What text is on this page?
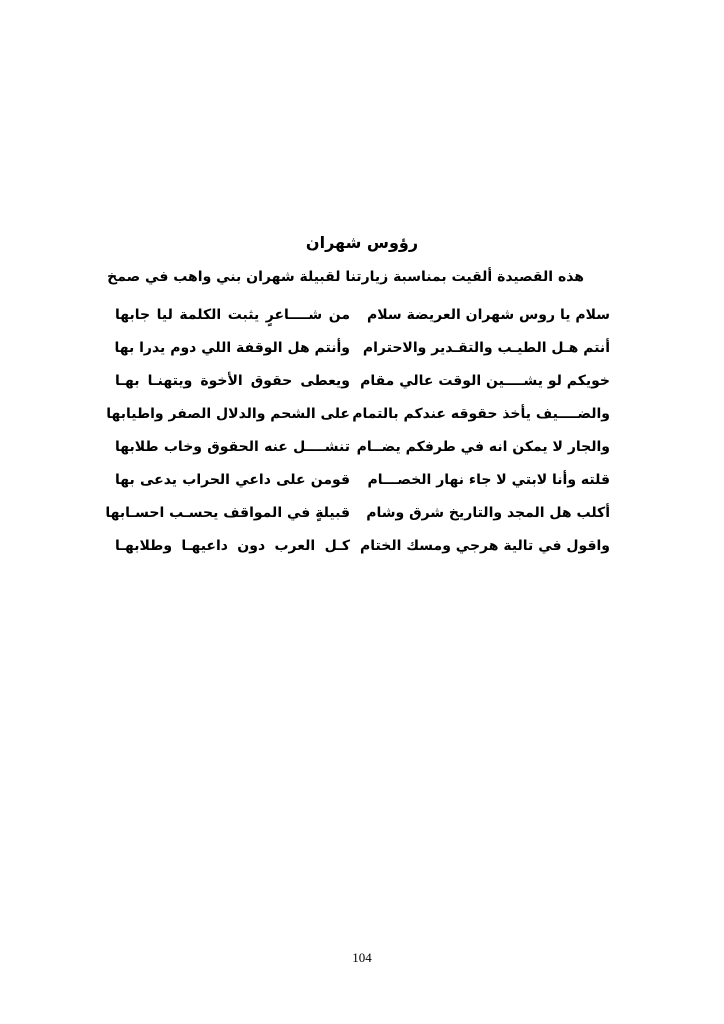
رؤوس شهران
هذه القصيدة ألقيت بمناسبة زيارتنا لقبيلة شهران بني واهب في صمخ
سلام يا روس شهران العريضة سلام
من شــــاعرٍ يثبت الكلمة ليا جابها
أنتم هـل الطيـب والتقـدير والاحترام
وأنتم هل الوقفة اللي دوم يدرا بها
خويكم لو يشــــين الوقت عالي مقام
ويعطى حقوق الأخوة ويتهنـا بهـا
والضــــيف يأخذ حقوقه عندكم بالتمام
على الشحم والدلال الصفر واطيابها
والجار لا يمكن انه في طرفكم يضــام
تنشــــل عنه الحقوق وخاب طلابها
قلته وأنا لابتي لا جاء نهار الخصـــام
قومن على داعي الحراب يدعى بها
أكلب هل المجد والتاريخ شرق وشام
قبيلةٍ في المواقف يحسـب احسـابها
واقول في تالية هرجي ومسك الختام
كـل العرب دون داعيهـا وطلابهـا
104
